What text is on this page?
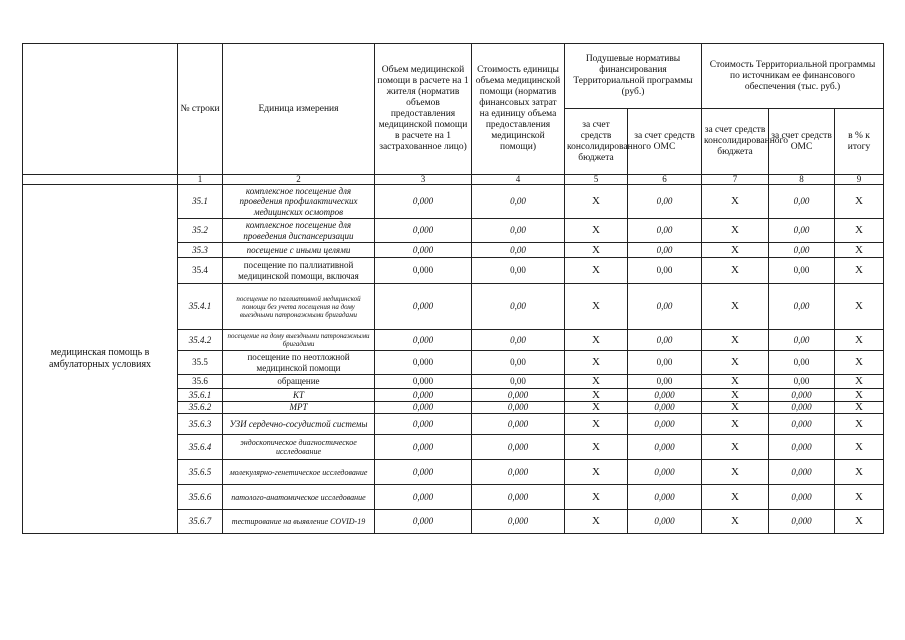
	№ строки	Единица измерения	Объем медицинской помощи в расчете на 1 жителя (норматив объемов предоставления медицинской помощи в расчете на 1 застрахованное лицо)	Стоимость единицы объема медицинской помощи (норматив финансовых затрат на единицу объема предоставления медицинской помощи)	Подушевые нормативы финансирования Территориальной программы (руб.)		Стоимость Территориальной программы по источникам ее финансового обеспечения (тыс. руб.)		
					за счет средств консолидированного бюджета	за счет средств ОМС	за счет средств консолидированного бюджета	за счет средств ОМС	в % к итогу
	1	2	3	4	5	6	7	8	9
медицинская помощь в амбулаторных условиях	35.1	комплексное посещение для проведения профилактических медицинских осмотров	0,000	0,00	X	0,00	X	0,00	X
	35.2	комплексное посещение для проведения диспансеризации	0,000	0,00	X	0,00	X	0,00	X
	35.3	посещение с иными целями	0,000	0,00	X	0,00	X	0,00	X
	35.4	посещение по паллиативной медицинской помощи, включая	0,000	0,00	X	0,00	X	0,00	X
	35.4.1	посещение по паллиативной медицинской помощи без учета посещения на дому выездными патронажными бригадами	0,000	0,00	X	0,00	X	0,00	X
	35.4.2	посещение на дому выездными патронажными бригадами	0,000	0,00	X	0,00	X	0,00	X
	35.5	посещение по неотложной медицинской помощи	0,000	0,00	X	0,00	X	0,00	X
	35.6	обращение	0,000	0,00	X	0,00	X	0,00	X
	35.6.1	КТ	0,000	0,000	X	0,000	X	0,000	X
	35.6.2	МРТ	0,000	0,000	X	0,000	X	0,000	X
	35.6.3	УЗИ сердечно-сосудистой системы	0,000	0,000	X	0,000	X	0,000	X
	35.6.4	эндоскопическое диагностическое исследование	0,000	0,000	X	0,000	X	0,000	X
	35.6.5	молекулярно-генетическое исследование	0,000	0,000	X	0,000	X	0,000	X
	35.6.6	патолого-анатомическое исследование	0,000	0,000	X	0,000	X	0,000	X
	35.6.7	тестирование на выявление COVID-19	0,000	0,000	X	0,000	X	0,000	X
